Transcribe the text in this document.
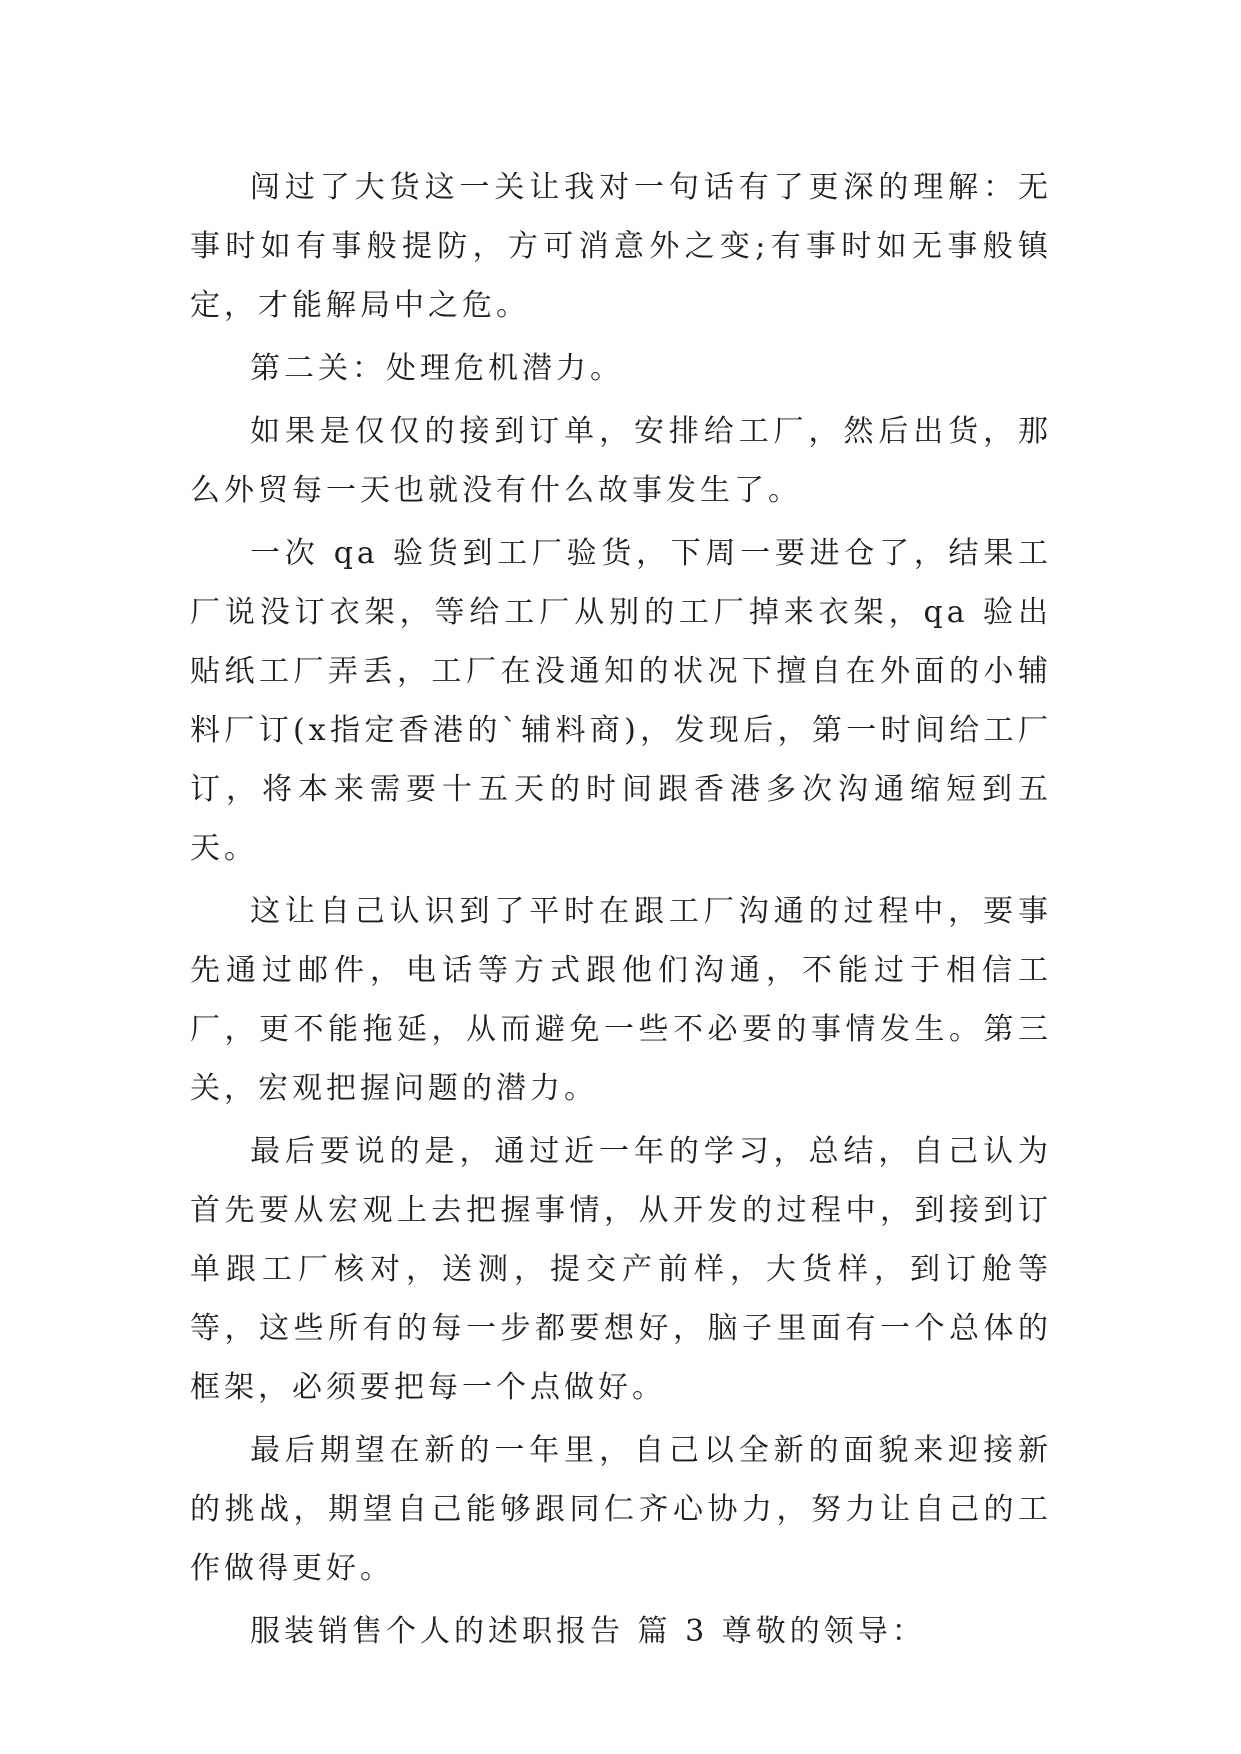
闯过了大货这一关让我对一句话有了更深的理解：无事时如有事般提防，方可消意外之变;有事时如无事般镇定，才能解局中之危。

第二关：处理危机潜力。

如果是仅仅的接到订单，安排给工厂，然后出货，那么外贸每一天也就没有什么故事发生了。

一次 qa 验货到工厂验货，下周一要进仓了，结果工厂说没订衣架，等给工厂从别的工厂掉来衣架，qa 验出贴纸工厂弄丢，工厂在没通知的状况下擅自在外面的小辅料厂订(x指定香港的`辅料商)，发现后，第一时间给工厂订，将本来需要十五天的时间跟香港多次沟通缩短到五天。

这让自己认识到了平时在跟工厂沟通的过程中，要事先通过邮件，电话等方式跟他们沟通，不能过于相信工厂，更不能拖延，从而避免一些不必要的事情发生。第三关，宏观把握问题的潜力。

最后要说的是，通过近一年的学习，总结，自己认为首先要从宏观上去把握事情，从开发的过程中，到接到订单跟工厂核对，送测，提交产前样，大货样，到订舱等等，这些所有的每一步都要想好，脑子里面有一个总体的框架，必须要把每一个点做好。

最后期望在新的一年里，自己以全新的面貌来迎接新的挑战，期望自己能够跟同仁齐心协力，努力让自己的工作做得更好。

服装销售个人的述职报告 篇 3 尊敬的领导：
